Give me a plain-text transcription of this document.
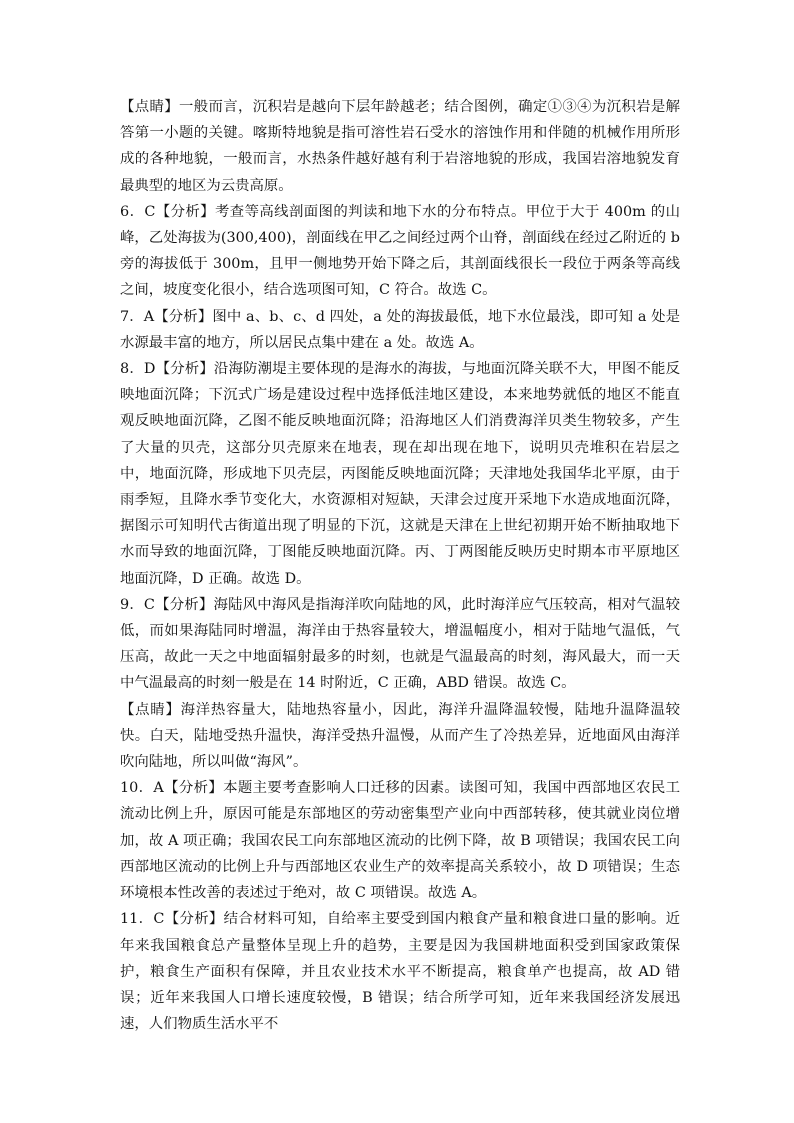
【点睛】一般而言，沉积岩是越向下层年龄越老；结合图例，确定①③④为沉积岩是解答第一小题的关键。喀斯特地貌是指可溶性岩石受水的溶蚀作用和伴随的机械作用所形成的各种地貌，一般而言，水热条件越好越有利于岩溶地貌的形成，我国岩溶地貌发育最典型的地区为云贵高原。

6．C【分析】考查等高线剖面图的判读和地下水的分布特点。甲位于大于 400m 的山峰，乙处海拔为(300,400)，剖面线在甲乙之间经过两个山脊，剖面线在经过乙附近的 b 旁的海拔低于 300m，且甲一侧地势开始下降之后，其剖面线很长一段位于两条等高线之间，坡度变化很小，结合选项图可知，C 符合。故选 C。

7．A【分析】图中 a、b、c、d 四处，a 处的海拔最低，地下水位最浅，即可知 a 处是水源最丰富的地方，所以居民点集中建在 a 处。故选 A。

8．D【分析】沿海防潮堤主要体现的是海水的海拔，与地面沉降关联不大，甲图不能反映地面沉降；下沉式广场是建设过程中选择低洼地区建设，本来地势就低的地区不能直观反映地面沉降，乙图不能反映地面沉降；沿海地区人们消费海洋贝类生物较多，产生了大量的贝壳，这部分贝壳原来在地表，现在却出现在地下，说明贝壳堆积在岩层之中，地面沉降，形成地下贝壳层，丙图能反映地面沉降；天津地处我国华北平原，由于雨季短，且降水季节变化大，水资源相对短缺，天津会过度开采地下水造成地面沉降，据图示可知明代古街道出现了明显的下沉，这就是天津在上世纪初期开始不断抽取地下水而导致的地面沉降，丁图能反映地面沉降。丙、丁两图能反映历史时期本市平原地区地面沉降，D 正确。故选 D。

9．C【分析】海陆风中海风是指海洋吹向陆地的风，此时海洋应气压较高，相对气温较低，而如果海陆同时增温，海洋由于热容量较大，增温幅度小，相对于陆地气温低，气压高，故此一天之中地面辐射最多的时刻，也就是气温最高的时刻，海风最大，而一天中气温最高的时刻一般是在 14 时附近，C 正确，ABD 错误。故选 C。

【点睛】海洋热容量大，陆地热容量小，因此，海洋升温降温较慢，陆地升温降温较快。白天，陆地受热升温快，海洋受热升温慢，从而产生了冷热差异，近地面风由海洋吹向陆地，所以叫做“海风”。

10．A【分析】本题主要考查影响人口迁移的因素。读图可知，我国中西部地区农民工流动比例上升，原因可能是东部地区的劳动密集型产业向中西部转移，使其就业岗位增加，故 A 项正确；我国农民工向东部地区流动的比例下降，故 B 项错误；我国农民工向西部地区流动的比例上升与西部地区农业生产的效率提高关系较小，故 D 项错误；生态环境根本性改善的表述过于绝对，故 C 项错误。故选 A。

11．C【分析】结合材料可知，自给率主要受到国内粮食产量和粮食进口量的影响。近年来我国粮食总产量整体呈现上升的趋势，主要是因为我国耕地面积受到国家政策保护，粮食生产面积有保障，并且农业技术水平不断提高，粮食单产也提高，故 AD 错误；近年来我国人口增长速度较慢，B 错误；结合所学可知，近年来我国经济发展迅速，人们物质生活水平不
